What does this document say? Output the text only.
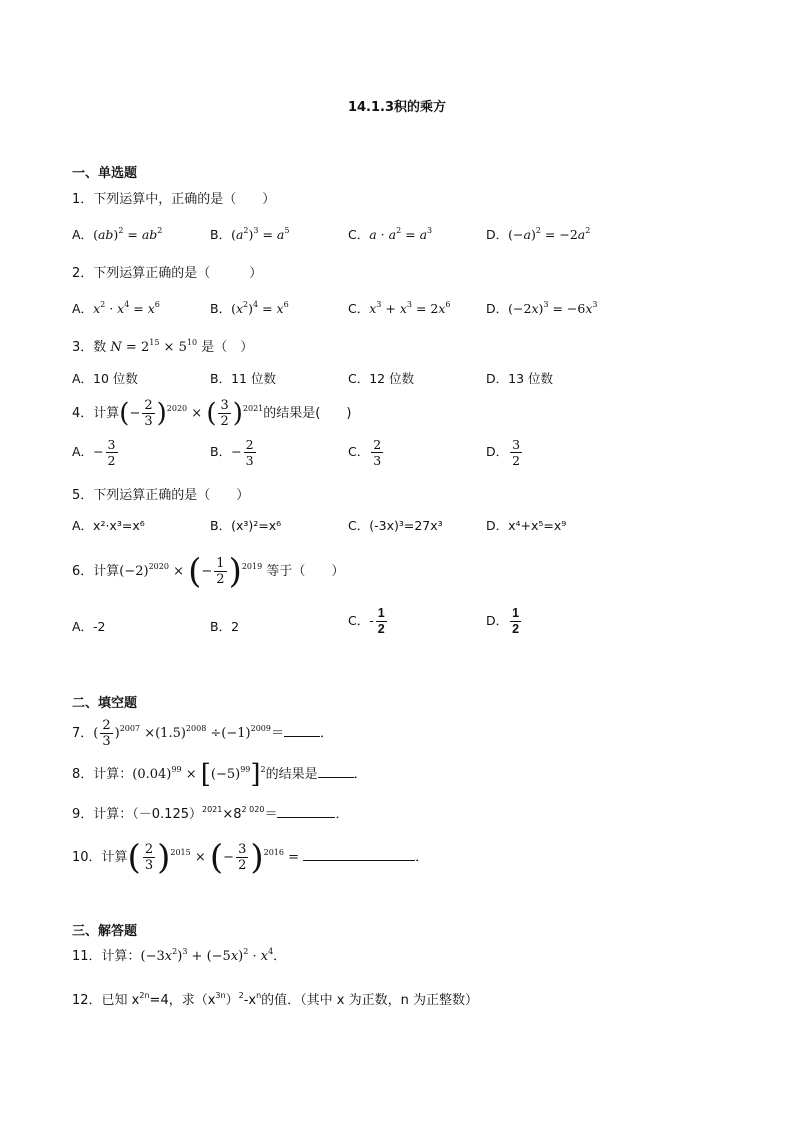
14.1.3积的乘方
一、单选题
1．下列运算中，正确的是（　　）
A．$(ab)^2 = ab^2$	B．$(a^2)^3 = a^5$	C．$a \cdot a^2 = a^3$	D．$(-a)^2 = -2a^2$
2．下列运算正确的是（　　　）
A．$x^2 \cdot x^4 = x^6$	B．$(x^2)^4 = x^6$	C．$x^3 + x^3 = 2x^6$	D．$(-2x)^3 = -6x^3$
3．数 $N = 2^{15} \times 5^{10}$ 是（　）
A．10 位数	B．11 位数	C．12 位数	D．13 位数
4．计算(− $\frac{2}{3} )^{2020}$ × ( $\frac{3}{2} )^{2021}$的结果是(　　)
A．− $\frac{3}{2}$	B．− $\frac{2}{3}$	C． $\frac{2}{3}$	D． $\frac{3}{2}$
5．下列运算正确的是（　　）
A．x²·x³=x⁶	B．(x³)²=x⁶	C．(-3x)³=27x³	D．x⁴+x⁵=x⁹
6．计算$(-2)^{2020}$ × (− $\frac{1}{2} )^{2019}$ 等于（　　）
A．-2	B．2	C．- $\frac{1}{2}$	D． $\frac{1}{2}$
二、填空题
7．( $\frac{2}{3} )^{2007} \times(1.5)^{2008} \div(-1)^{2009}=$	．
8．计算：$(0.04)^{99} \times [(-5)^{99}]^2$的结果是	．
9．计算：$(-0.125)^{2021}\times 8^{2 020}=$	．
10．计算( $\frac{2}{3} )^{2015}$ × (− $\frac{3}{2} )^{2016}$ =	．
三、解答题
11．计算：$(-3x^2)^3 + (-5x)^2 \cdot x^4$．
12．已知 $x^{2n}=4$，求$(x^{3n})^2-x^n$的值．（其中 x 为正数，n 为正整数）
